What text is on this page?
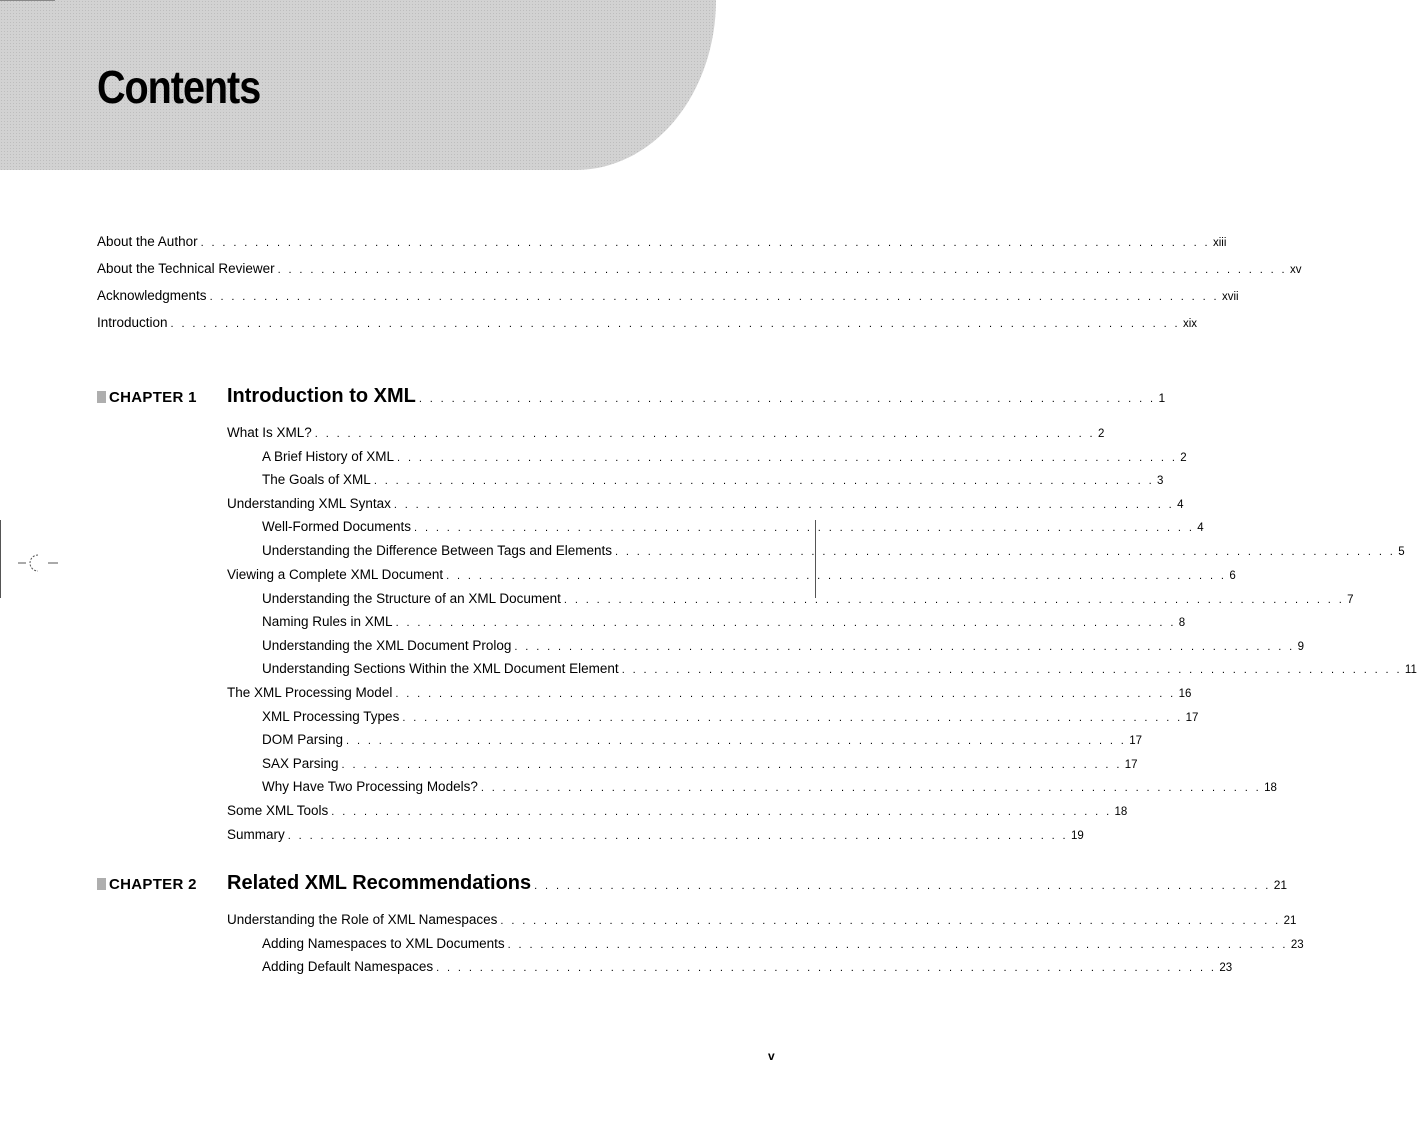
Contents
About the Author . . . . . . . . . . . . . . . . . . . . . . . . . . . . . . . . . . . . . . . . . . . . . . . . . . . . . . . . . . . . . . . . . . . . . . . . . . . . . . . . . . . . . . . . . . . . . xiii
About the Technical Reviewer . . . . . . . . . . . . . . . . . . . . . . . . . . . . . . . . . . . . . . . . . . . . . . . . . . . . . . . . . . . . . . . . . . . . . . . . . . . . . . . . . . . . . . . . . . . . . xv
Acknowledgments . . . . . . . . . . . . . . . . . . . . . . . . . . . . . . . . . . . . . . . . . . . . . . . . . . . . . . . . . . . . . . . . . . . . . . . . . . . . . . . . . . . . . . . . . . . . . xvii
Introduction . . . . . . . . . . . . . . . . . . . . . . . . . . . . . . . . . . . . . . . . . . . . . . . . . . . . . . . . . . . . . . . . . . . . . . . . . . . . . . . . . . . . . . . . . . . . . xix
CHAPTER 1 Introduction to XML . . . . . . . . . . . . . . . . . . . . . . . . . . . . . . . . . . . . . . . . . . . . . . . . . . . . . . . . . . . . . . . . . . . . 1
What Is XML? . . . . . . . . . . . . . . . . . . . . . . . . . . . . . . . . . . . . . . . . . . . . . . . . . . . . . . . . . . . . . . . . . . . . . . . . 2
A Brief History of XML . . . . . . . . . . . . . . . . . . . . . . . . . . . . . . . . . . . . . . . . . . . . . . . . . . . . . . . . . . . . . . . . . . . . . . . . 2
The Goals of XML . . . . . . . . . . . . . . . . . . . . . . . . . . . . . . . . . . . . . . . . . . . . . . . . . . . . . . . . . . . . . . . . . . . . . . . . 3
Understanding XML Syntax . . . . . . . . . . . . . . . . . . . . . . . . . . . . . . . . . . . . . . . . . . . . . . . . . . . . . . . . . . . . . . . . . . . . . . . . 4
Well-Formed Documents . . . . . . . . . . . . . . . . . . . . . . . . . . . . . . . . . . . . . . . . . . . . . . . . . . . . . . . . . . . . . . . . . . . . . . . . 4
Understanding the Difference Between Tags and Elements . . . . . . . . . . . . . . . . . . . . . . . . . . . . . . . . . . . . . . . . . . . . . . . . . . . . . . . . . . . . . . . . . . . . . . . . 5
Viewing a Complete XML Document . . . . . . . . . . . . . . . . . . . . . . . . . . . . . . . . . . . . . . . . . . . . . . . . . . . . . . . . . . . . . . . . . . . . . . . . 6
Understanding the Structure of an XML Document . . . . . . . . . . . . . . . . . . . . . . . . . . . . . . . . . . . . . . . . . . . . . . . . . . . . . . . . . . . . . . . . . . . . . . . . 7
Naming Rules in XML . . . . . . . . . . . . . . . . . . . . . . . . . . . . . . . . . . . . . . . . . . . . . . . . . . . . . . . . . . . . . . . . . . . . . . . . 8
Understanding the XML Document Prolog . . . . . . . . . . . . . . . . . . . . . . . . . . . . . . . . . . . . . . . . . . . . . . . . . . . . . . . . . . . . . . . . . . . . . . . . 9
Understanding Sections Within the XML Document Element . . . . . . . . . . . . . . . . . . . . . . . . . . . . . . . . . . . . . . . . . . . . . . . . . . . . . . . . . . . . . . . . . . . . . . . . 11
The XML Processing Model . . . . . . . . . . . . . . . . . . . . . . . . . . . . . . . . . . . . . . . . . . . . . . . . . . . . . . . . . . . . . . . . . . . . . . . . 16
XML Processing Types . . . . . . . . . . . . . . . . . . . . . . . . . . . . . . . . . . . . . . . . . . . . . . . . . . . . . . . . . . . . . . . . . . . . . . . . 17
DOM Parsing . . . . . . . . . . . . . . . . . . . . . . . . . . . . . . . . . . . . . . . . . . . . . . . . . . . . . . . . . . . . . . . . . . . . . . . . 17
SAX Parsing . . . . . . . . . . . . . . . . . . . . . . . . . . . . . . . . . . . . . . . . . . . . . . . . . . . . . . . . . . . . . . . . . . . . . . . . 17
Why Have Two Processing Models? . . . . . . . . . . . . . . . . . . . . . . . . . . . . . . . . . . . . . . . . . . . . . . . . . . . . . . . . . . . . . . . . . . . . . . . . 18
Some XML Tools . . . . . . . . . . . . . . . . . . . . . . . . . . . . . . . . . . . . . . . . . . . . . . . . . . . . . . . . . . . . . . . . . . . . . . . . 18
Summary . . . . . . . . . . . . . . . . . . . . . . . . . . . . . . . . . . . . . . . . . . . . . . . . . . . . . . . . . . . . . . . . . . . . . . . . 19
CHAPTER 2 Related XML Recommendations . . . . . . . . . . . . . . . . . . . . . . . . . . . . . . . . . . . . . . . . . . . . . . . . . . . . . . . . . . . . . . . . . . . . 21
Understanding the Role of XML Namespaces . . . . . . . . . . . . . . . . . . . . . . . . . . . . . . . . . . . . . . . . . . . . . . . . . . . . . . . . . . . . . . . . . . . . . . . . 21
Adding Namespaces to XML Documents . . . . . . . . . . . . . . . . . . . . . . . . . . . . . . . . . . . . . . . . . . . . . . . . . . . . . . . . . . . . . . . . . . . . . . . . 23
Adding Default Namespaces . . . . . . . . . . . . . . . . . . . . . . . . . . . . . . . . . . . . . . . . . . . . . . . . . . . . . . . . . . . . . . . . . . . . . . . . 23
v
